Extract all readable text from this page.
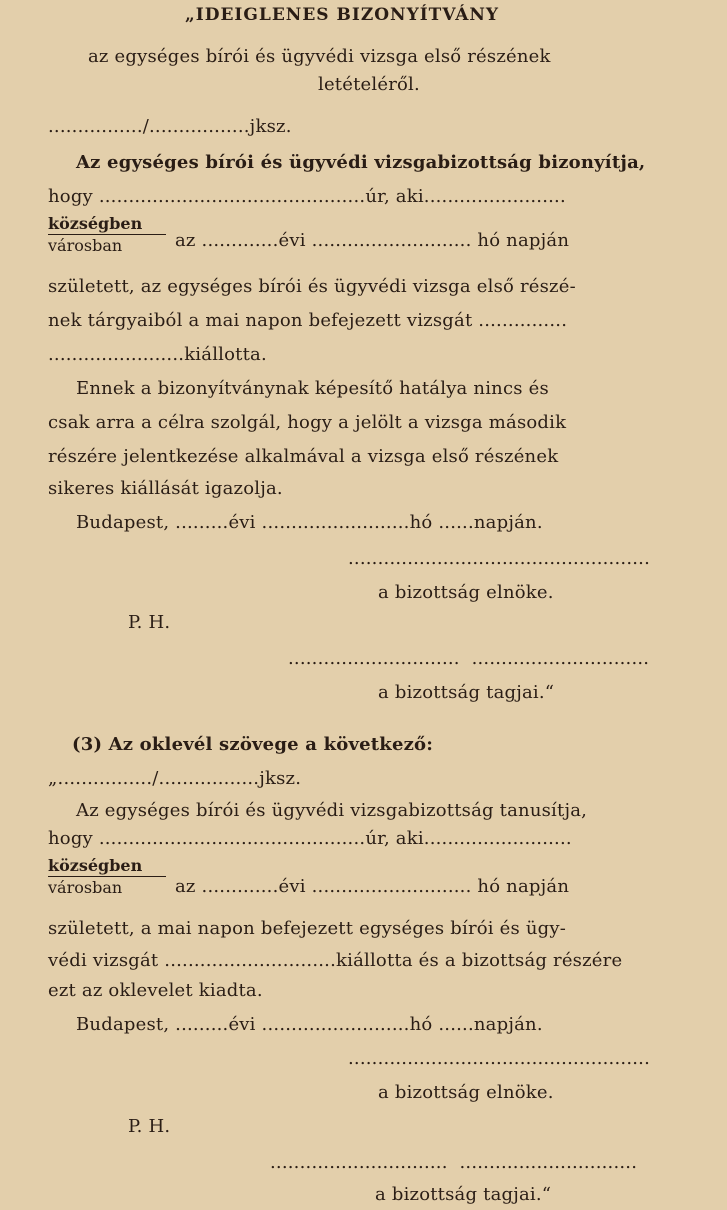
„IDEIGLENES BIZONYÍTVÁNY
az egységes bírói és ügyvédi vizsga első részének
letételéről.
................/.................jksz.
Az egységes bírói és ügyvédi vizsgabizottság bizonyítja,
hogy .............................................úr, aki........................
községben
városban	az .............évi ........................... hó napján
született, az egységes bírói és ügyvédi vizsga első részé-
nek tárgyaiból a mai napon befejezett vizsgát ...............
.......................kiállotta.
Ennek a bizonyítványnak képesítő hatálya nincs és
csak arra a célra szolgál, hogy a jelölt a vizsga második
részére jelentkezése alkalmával a vizsga első részének
sikeres kiállását igazolja.
Budapest, .........évi .........................hó ......napján.
...................................................
a bizottság elnöke.
P. H.
.............................  ..............................
a bizottság tagjai.“
(3) Az oklevél szövege a következő:
„................/.................jksz.
Az egységes bírói és ügyvédi vizsgabizottság tanusítja,
hogy .............................................úr, aki.........................
községben
városban	az .............évi ........................... hó napján
született, a mai napon befejezett egységes bírói és ügy-
védi vizsgát .............................kiállotta és a bizottság részére
ezt az oklevelet kiadta.
Budapest, .........évi .........................hó ......napján.
...................................................
a bizottság elnöke.
P. H.
..............................  ..............................
a bizottság tagjai.“
